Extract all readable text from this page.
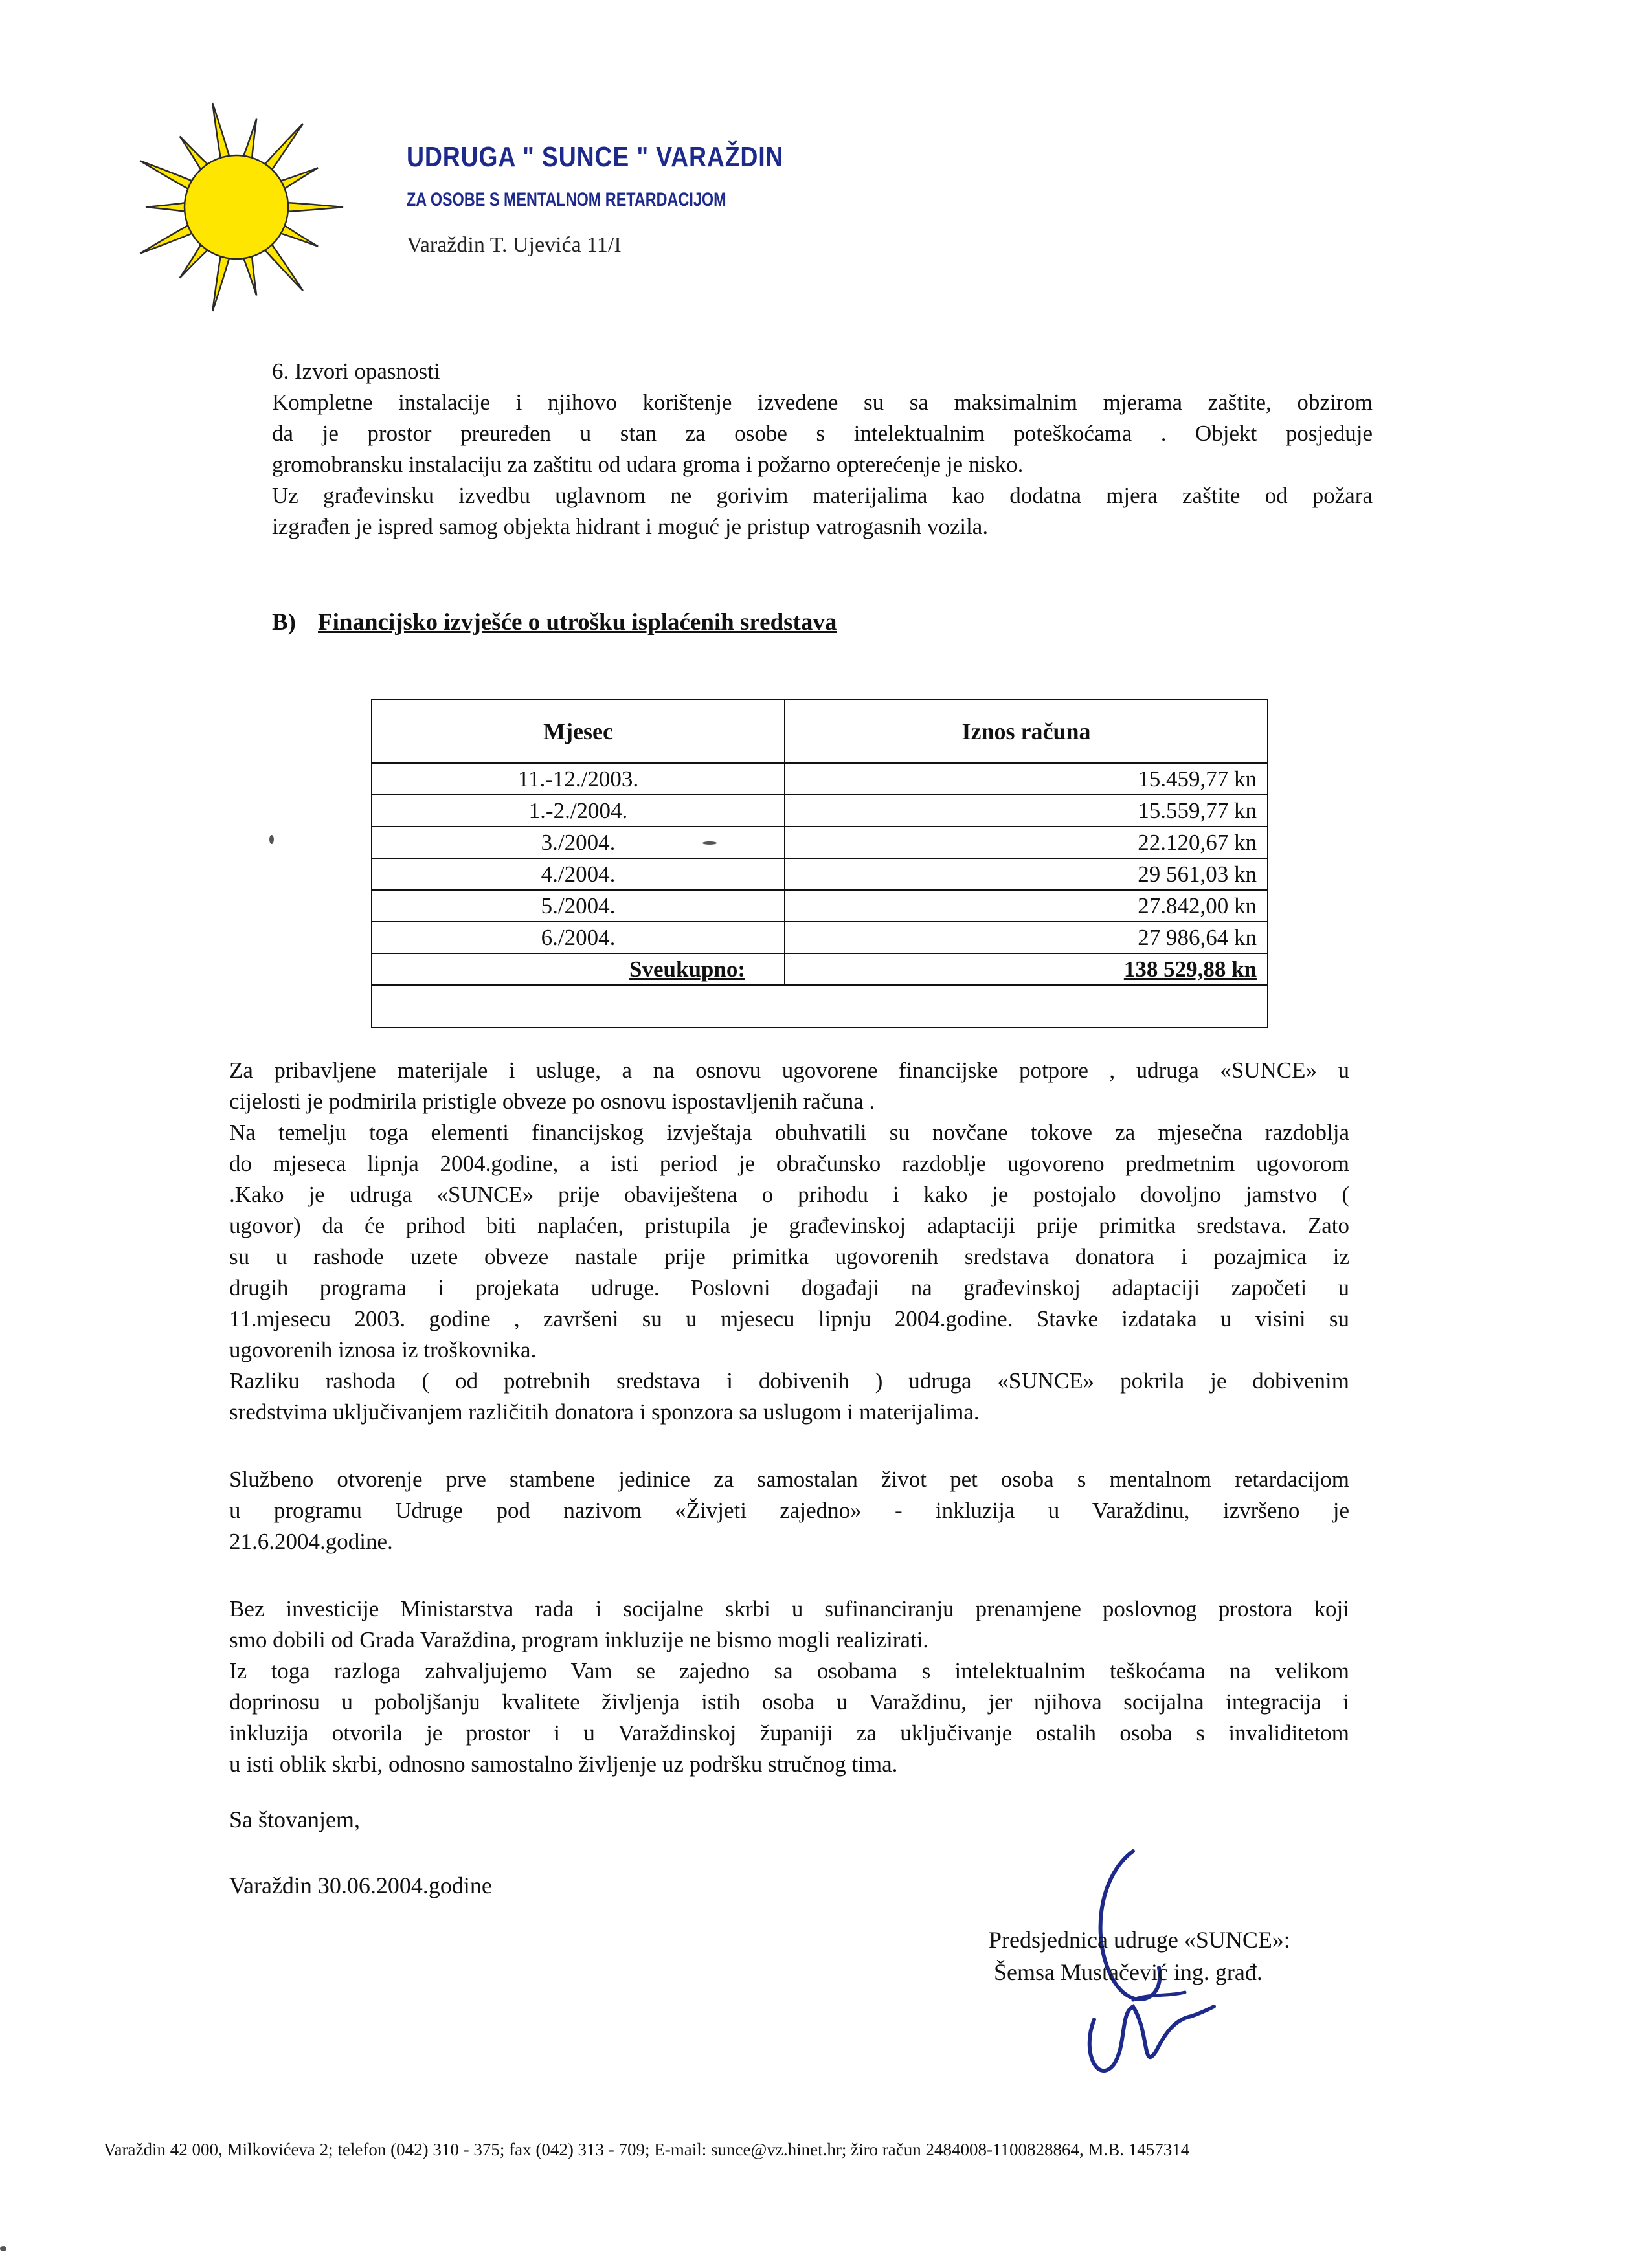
UDRUGA " SUNCE " VARAŽDIN
ZA OSOBE S MENTALNOM RETARDACIJOM
Varaždin T. Ujevića 11/I
6. Izvori opasnosti
Kompletne instalacije i njihovo korištenje izvedene su sa maksimalnim mjerama zaštite, obzirom
da je prostor preuređen u stan za osobe s intelektualnim poteškoćama . Objekt posjeduje
gromobransku instalaciju za zaštitu od udara groma i požarno opterećenje je nisko.
Uz građevinsku izvedbu uglavnom ne gorivim materijalima kao dodatna mjera zaštite od požara
izgrađen je ispred samog objekta hidrant i moguć je pristup vatrogasnih vozila.
B) Financijsko izvješće o utrošku isplaćenih sredstava
Mjesec	Iznos računa
11.-12./2003.	15.459,77 kn
1.-2./2004.	15.559,77 kn
3./2004.	22.120,67 kn
4./2004.	29 561,03 kn
5./2004.	27.842,00 kn
6./2004.	27 986,64 kn
Sveukupno:	138 529,88 kn

Za pribavljene materijale i usluge, a na osnovu ugovorene financijske potpore , udruga «SUNCE» u
cijelosti je podmirila pristigle obveze po osnovu ispostavljenih računa .
Na temelju toga elementi financijskog izvještaja obuhvatili su novčane tokove za mjesečna razdoblja
do mjeseca lipnja 2004.godine, a isti period je obračunsko razdoblje ugovoreno predmetnim ugovorom
.Kako je udruga «SUNCE» prije obaviještena o prihodu i kako je postojalo dovoljno jamstvo (
ugovor) da će prihod biti naplaćen, pristupila je građevinskoj adaptaciji prije primitka sredstava. Zato
su u rashode uzete obveze nastale prije primitka ugovorenih sredstava donatora i pozajmica iz
drugih programa i projekata udruge. Poslovni događaji na građevinskoj adaptaciji započeti u
11.mjesecu 2003. godine , završeni su u mjesecu lipnju 2004.godine. Stavke izdataka u visini su
ugovorenih iznosa iz troškovnika.
Razliku rashoda ( od potrebnih sredstava i dobivenih ) udruga «SUNCE» pokrila je dobivenim
sredstvima uključivanjem različitih donatora i sponzora sa uslugom i materijalima.
Službeno otvorenje prve stambene jedinice za samostalan život pet osoba s mentalnom retardacijom
u programu Udruge pod nazivom «Živjeti zajedno» - inkluzija u Varaždinu, izvršeno je
21.6.2004.godine.
Bez investicije Ministarstva rada i socijalne skrbi u sufinanciranju prenamjene poslovnog prostora koji
smo dobili od Grada Varaždina, program inkluzije ne bismo mogli realizirati.
Iz toga razloga zahvaljujemo Vam se zajedno sa osobama s intelektualnim teškoćama na velikom
doprinosu u poboljšanju kvalitete življenja istih osoba u Varaždinu, jer njihova socijalna integracija i
inkluzija otvorila je prostor i u Varaždinskoj županiji za uključivanje ostalih osoba s invaliditetom
u isti oblik skrbi, odnosno samostalno življenje uz podršku stručnog tima.
Sa štovanjem,
Varaždin 30.06.2004.godine
Predsjednica udruge «SUNCE»:
Šemsa Mustačević ing. građ.
Varaždin 42 000, Milkovićeva 2; telefon (042) 310 - 375; fax (042) 313 - 709; E-mail: sunce@vz.hinet.hr; žiro račun 2484008-1100828864, M.B. 1457314
